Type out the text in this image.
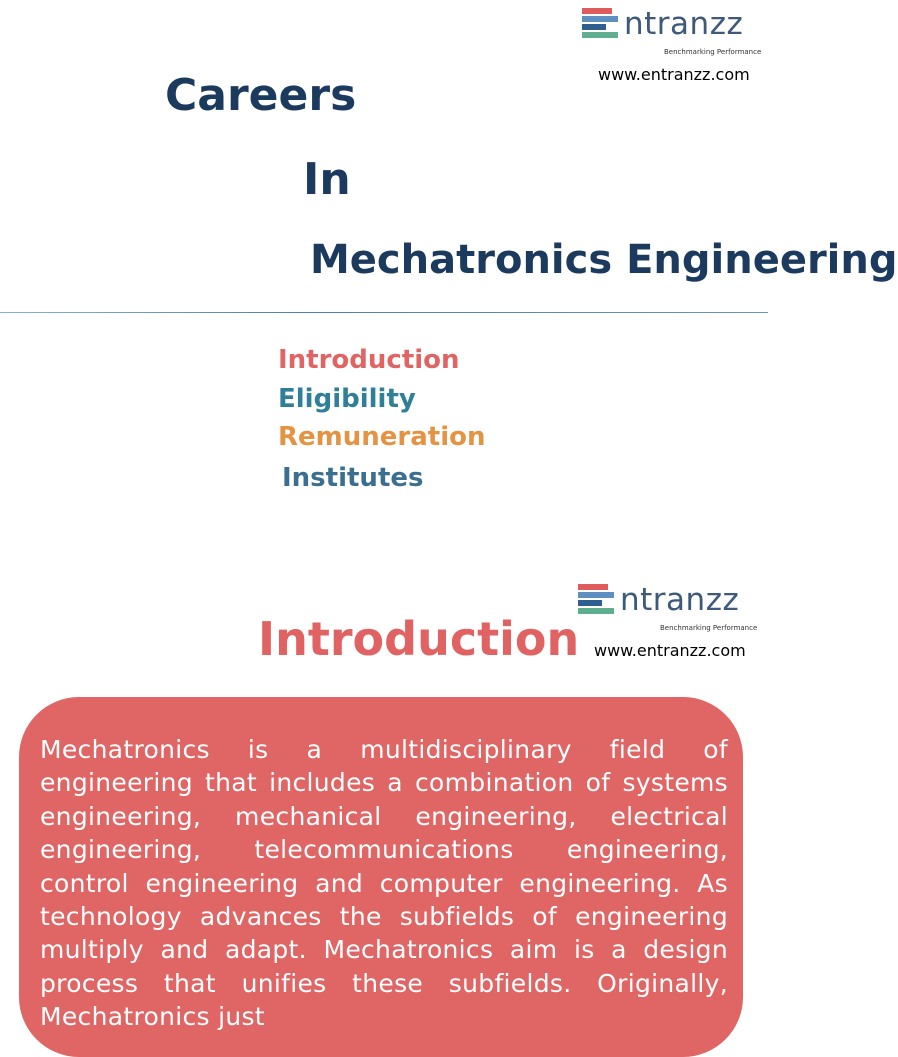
ntranzz
Benchmarking Performance
www.entranzz.com
Careers
In
Mechatronics Engineering
Introduction
Eligibility
Remuneration
Institutes
ntranzz
Benchmarking Performance
www.entranzz.com
Introduction
Mechatronics is a multidisciplinary field of engineering that includes a combination of systems engineering, mechanical engineering, electrical engineering, telecommunications engineering, control engineering and computer engineering. As technology advances the subfields of engineering multiply and adapt. Mechatronics aim is a design process that unifies these subfields. Originally, Mechatronics just
